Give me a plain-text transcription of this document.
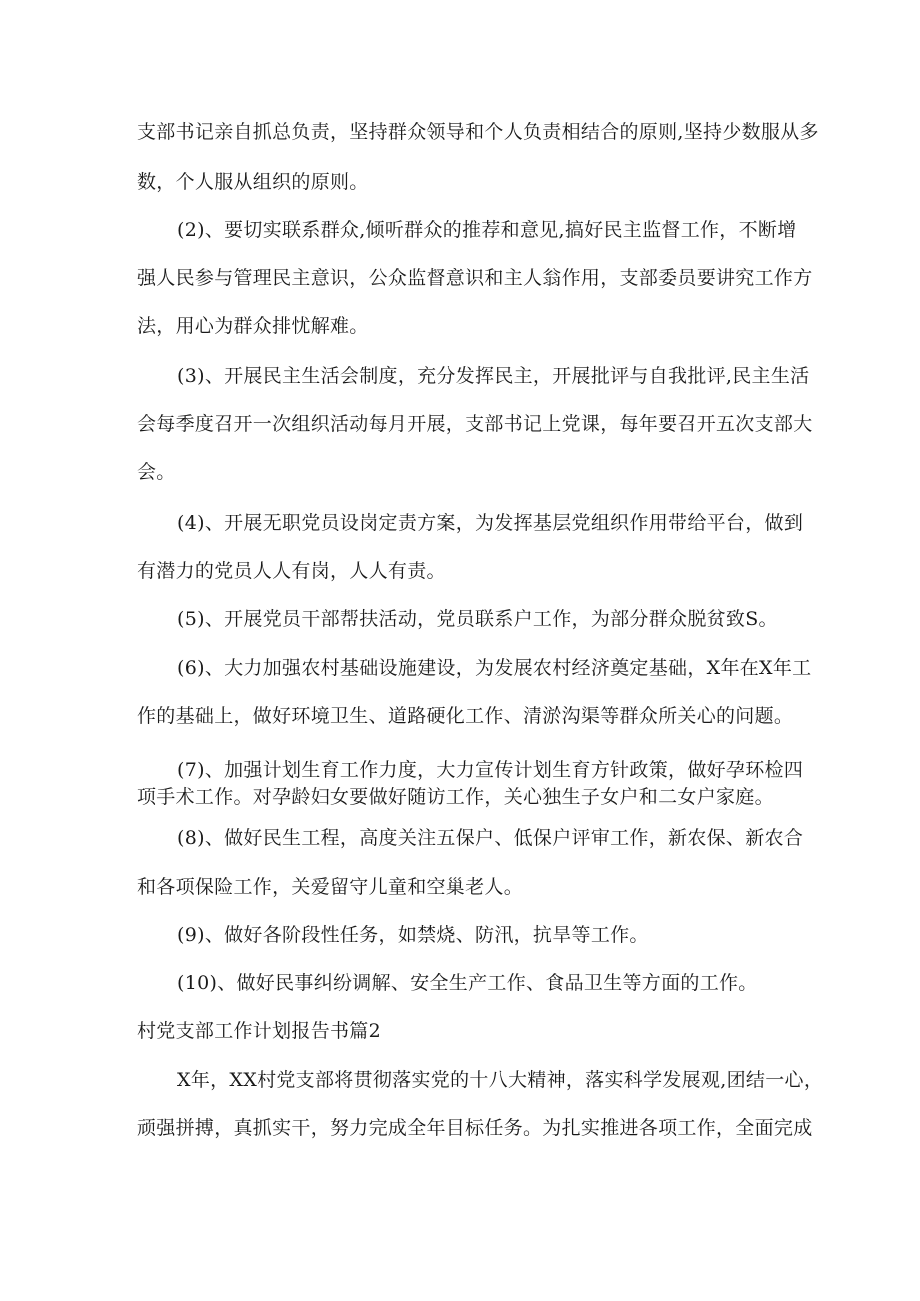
支部书记亲自抓总负责，坚持群众领导和个人负责相结合的原则,坚持少数服从多
数，个人服从组织的原则。
(2)、要切实联系群众,倾听群众的推荐和意见,搞好民主监督工作，不断增
强人民参与管理民主意识，公众监督意识和主人翁作用，支部委员要讲究工作方
法，用心为群众排忧解难。
(3)、开展民主生活会制度，充分发挥民主，开展批评与自我批评,民主生活
会每季度召开一次组织活动每月开展，支部书记上党课，每年要召开五次支部大
会。
(4)、开展无职党员设岗定责方案，为发挥基层党组织作用带给平台，做到
有潜力的党员人人有岗，人人有责。
(5)、开展党员干部帮扶活动，党员联系户工作，为部分群众脱贫致S。
(6)、大力加强农村基础设施建设，为发展农村经济奠定基础，X年在X年工
作的基础上，做好环境卫生、道路硬化工作、清淤沟渠等群众所关心的问题。
(7)、加强计划生育工作力度，大力宣传计划生育方针政策，做好孕环检四
项手术工作。对孕龄妇女要做好随访工作，关心独生子女户和二女户家庭。
(8)、做好民生工程，高度关注五保户、低保户评审工作，新农保、新农合
和各项保险工作，关爱留守儿童和空巢老人。
(9)、做好各阶段性任务，如禁烧、防汛，抗旱等工作。
(10)、做好民事纠纷调解、安全生产工作、食品卫生等方面的工作。
村党支部工作计划报告书篇2
X年，XX村党支部将贯彻落实党的十八大精神，落实科学发展观,团结一心，
顽强拼搏，真抓实干，努力完成全年目标任务。为扎实推进各项工作，全面完成
